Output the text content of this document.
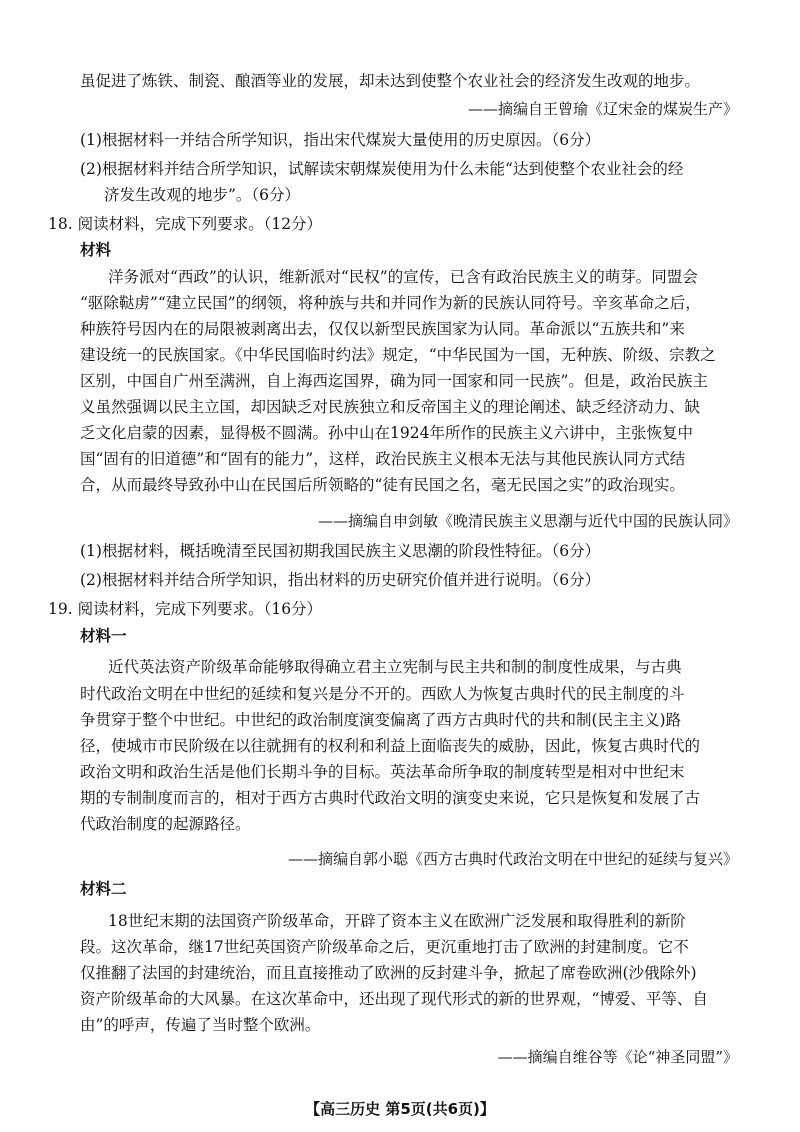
虽促进了炼铁、制瓷、酿酒等业的发展，却未达到使整个农业社会的经济发生改观的地步。
——摘编自王曾瑜《辽宋金的煤炭生产》
(1)根据材料一并结合所学知识，指出宋代煤炭大量使用的历史原因。（6分）
(2)根据材料并结合所学知识，试解读宋朝煤炭使用为什么未能“达到使整个农业社会的经
济发生改观的地步”。（6分）
18. 阅读材料，完成下列要求。（12分）
材料
洋务派对“西政”的认识，维新派对“民权”的宣传，已含有政治民族主义的萌芽。同盟会
“驱除鞑虏”“建立民国”的纲领，将种族与共和并同作为新的民族认同符号。辛亥革命之后，
种族符号因内在的局限被剥离出去，仅仅以新型民族国家为认同。革命派以“五族共和”来
建设统一的民族国家。《中华民国临时约法》规定，“中华民国为一国，无种族、阶级、宗教之
区别，中国自广州至满洲，自上海西迄国界，确为同一国家和同一民族”。但是，政治民族主
义虽然强调以民主立国，却因缺乏对民族独立和反帝国主义的理论阐述、缺乏经济动力、缺
乏文化启蒙的因素，显得极不圆满。孙中山在1924年所作的民族主义六讲中，主张恢复中
国“固有的旧道德”和“固有的能力”，这样，政治民族主义根本无法与其他民族认同方式结
合，从而最终导致孙中山在民国后所领略的“徒有民国之名，毫无民国之实”的政治现实。
——摘编自申剑敏《晚清民族主义思潮与近代中国的民族认同》
(1)根据材料，概括晚清至民国初期我国民族主义思潮的阶段性特征。（6分）
(2)根据材料并结合所学知识，指出材料的历史研究价值并进行说明。（6分）
19. 阅读材料，完成下列要求。（16分）
材料一
近代英法资产阶级革命能够取得确立君主立宪制与民主共和制的制度性成果，与古典
时代政治文明在中世纪的延续和复兴是分不开的。西欧人为恢复古典时代的民主制度的斗
争贯穿于整个中世纪。中世纪的政治制度演变偏离了西方古典时代的共和制(民主主义)路
径，使城市市民阶级在以往就拥有的权利和利益上面临丧失的威胁，因此，恢复古典时代的
政治文明和政治生活是他们长期斗争的目标。英法革命所争取的制度转型是相对中世纪末
期的专制制度而言的，相对于西方古典时代政治文明的演变史来说，它只是恢复和发展了古
代政治制度的起源路径。
——摘编自郭小聪《西方古典时代政治文明在中世纪的延续与复兴》
材料二
18世纪末期的法国资产阶级革命，开辟了资本主义在欧洲广泛发展和取得胜利的新阶
段。这次革命，继17世纪英国资产阶级革命之后，更沉重地打击了欧洲的封建制度。它不
仅推翻了法国的封建统治，而且直接推动了欧洲的反封建斗争，掀起了席卷欧洲(沙俄除外)
资产阶级革命的大风暴。在这次革命中，还出现了现代形式的新的世界观，“博爱、平等、自
由”的呼声，传遍了当时整个欧洲。
——摘编自维谷等《论“神圣同盟”》
【高三历史 第5页(共6页)】
